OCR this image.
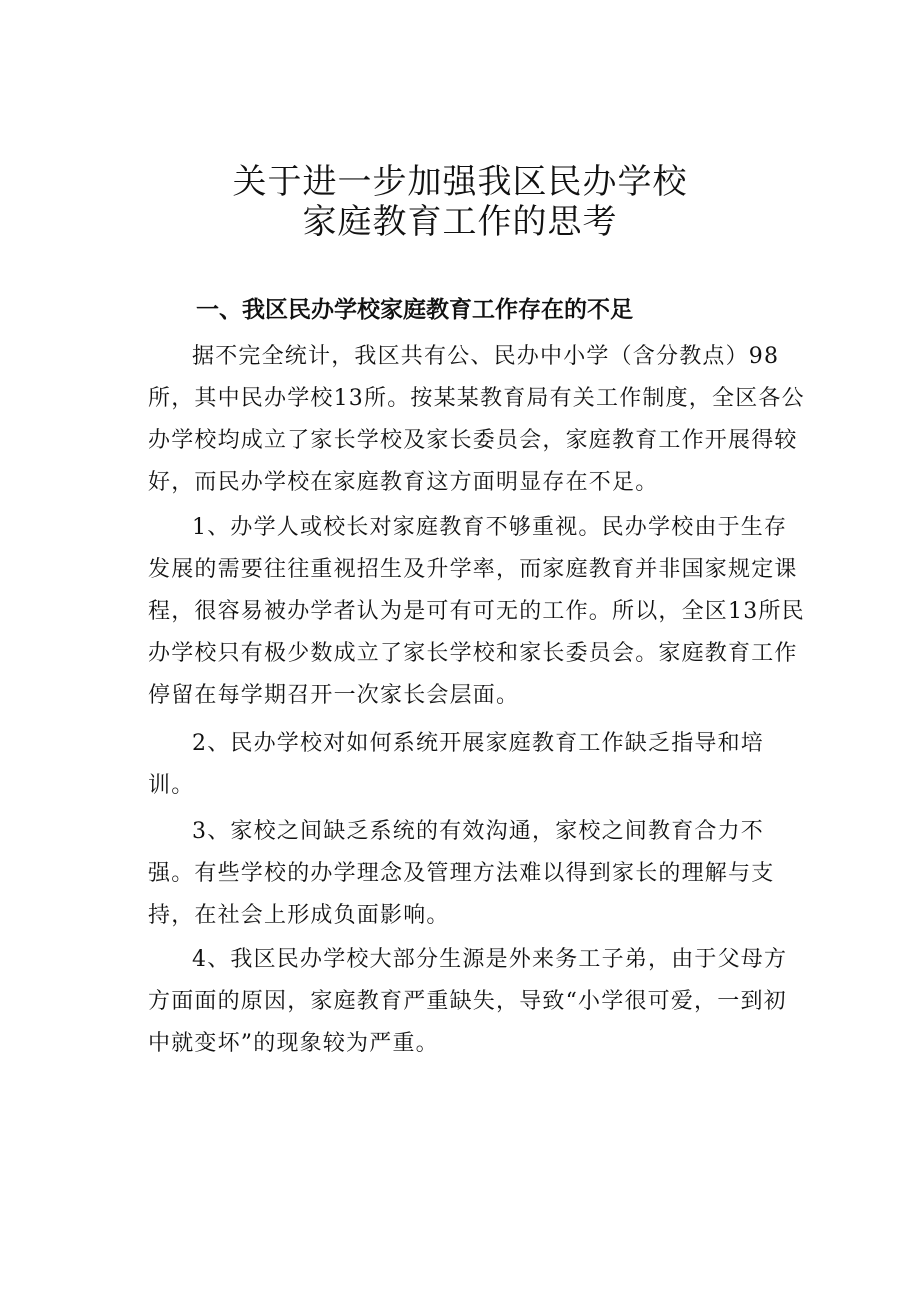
关于进一步加强我区民办学校
家庭教育工作的思考
一、我区民办学校家庭教育工作存在的不足
据不完全统计，我区共有公、民办中小学（含分教点）98
所，其中民办学校13所。按某某教育局有关工作制度，全区各公
办学校均成立了家长学校及家长委员会，家庭教育工作开展得较
好，而民办学校在家庭教育这方面明显存在不足。
1、办学人或校长对家庭教育不够重视。民办学校由于生存
发展的需要往往重视招生及升学率，而家庭教育并非国家规定课
程，很容易被办学者认为是可有可无的工作。所以，全区13所民
办学校只有极少数成立了家长学校和家长委员会。家庭教育工作
停留在每学期召开一次家长会层面。
2、民办学校对如何系统开展家庭教育工作缺乏指导和培
训。
3、家校之间缺乏系统的有效沟通，家校之间教育合力不
强。有些学校的办学理念及管理方法难以得到家长的理解与支
持，在社会上形成负面影响。
4、我区民办学校大部分生源是外来务工子弟，由于父母方
方面面的原因，家庭教育严重缺失，导致“小学很可爱，一到初
中就变坏”的现象较为严重。
